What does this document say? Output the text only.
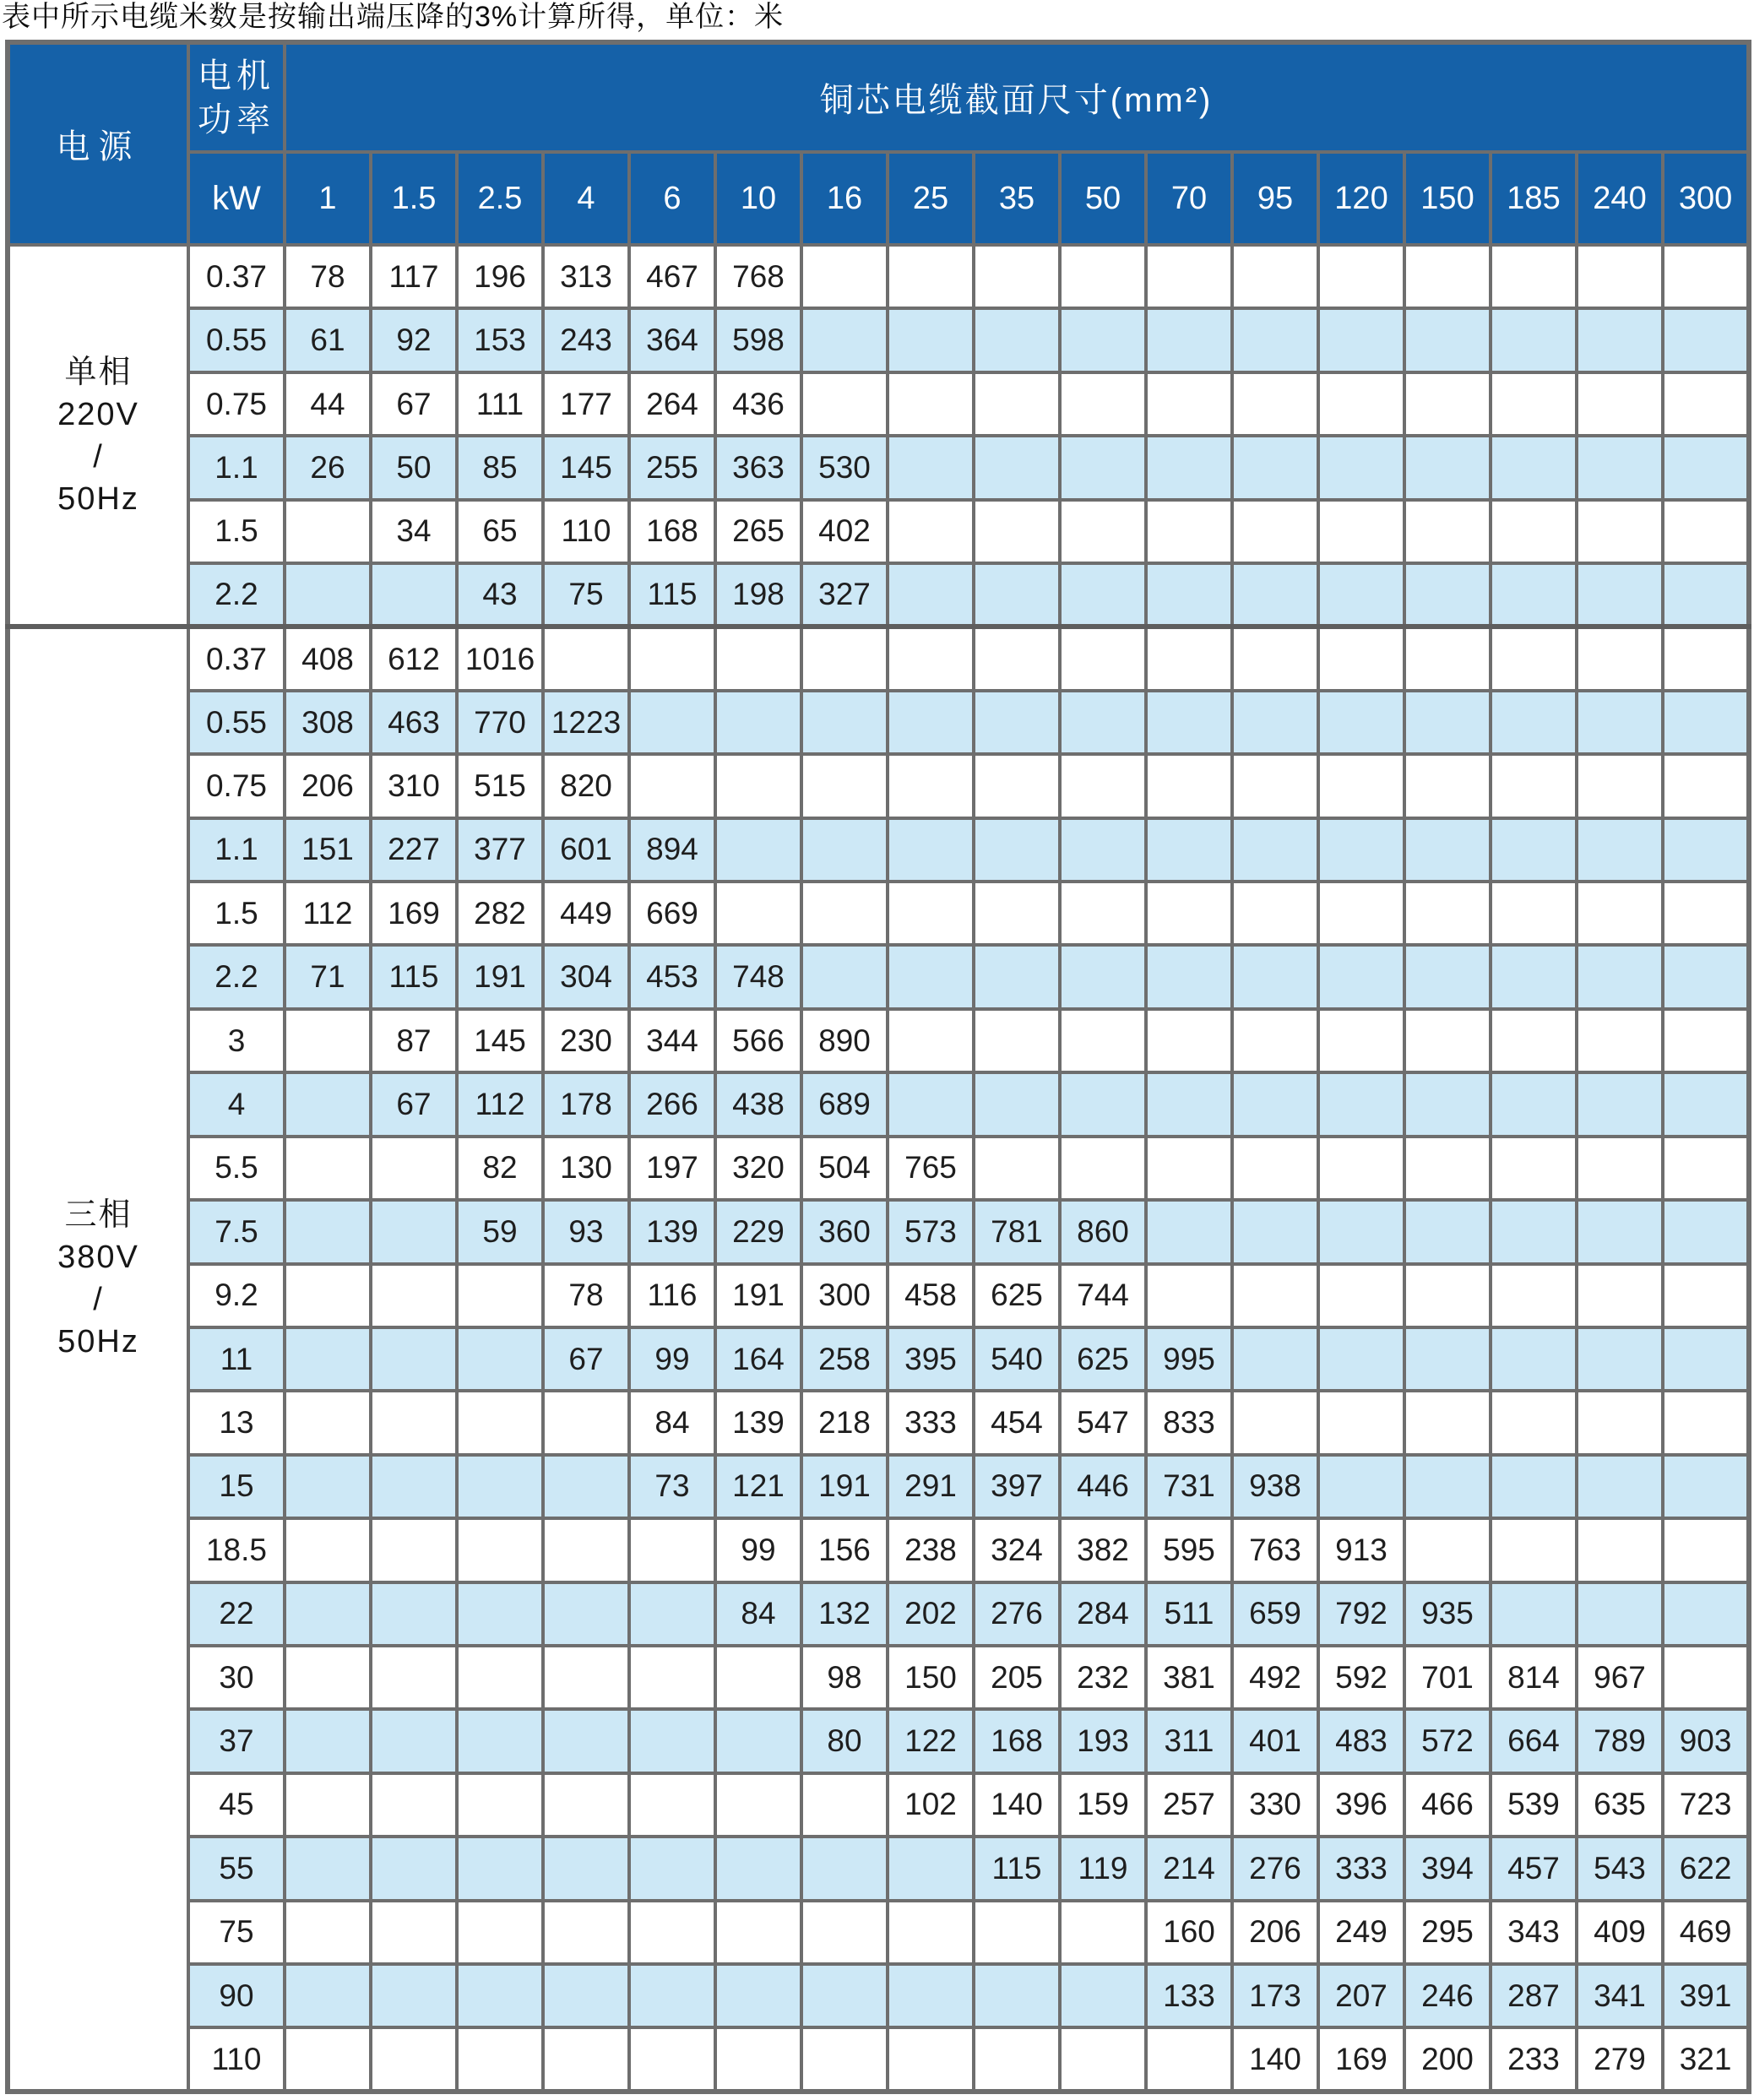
表中所示电缆米数是按输出端压降的3%计算所得，单位：米
电源	电机
功率	铜芯电缆截面尺寸(mm²)																
	kW	1	1.5	2.5	4	6	10	16	25	35	50	70	95	120	150	185	240	300

单相
220V
/
50Hz	0.37	78	117	196	313	467	768											
	0.55	61	92	153	243	364	598											
	0.75	44	67	111	177	264	436											
	1.1	26	50	85	145	255	363	530										
	1.5		34	65	110	168	265	402										
	2.2			43	75	115	198	327										

三相
380V
/
50Hz	0.37	408	612	1016														
	0.55	308	463	770	1223													
	0.75	206	310	515	820													
	1.1	151	227	377	601	894												
	1.5	112	169	282	449	669												
	2.2	71	115	191	304	453	748											
	3		87	145	230	344	566	890										
	4		67	112	178	266	438	689										
	5.5			82	130	197	320	504	765									
	7.5			59	93	139	229	360	573	781	860							
	9.2				78	116	191	300	458	625	744							
	11				67	99	164	258	395	540	625	995						
	13					84	139	218	333	454	547	833						
	15					73	121	191	291	397	446	731	938					
	18.5						99	156	238	324	382	595	763	913				
	22						84	132	202	276	284	511	659	792	935			
	30							98	150	205	232	381	492	592	701	814	967	
	37							80	122	168	193	311	401	483	572	664	789	903
	45								102	140	159	257	330	396	466	539	635	723
	55									115	119	214	276	333	394	457	543	622
	75											160	206	249	295	343	409	469
	90											133	173	207	246	287	341	391
	110												140	169	200	233	279	321
